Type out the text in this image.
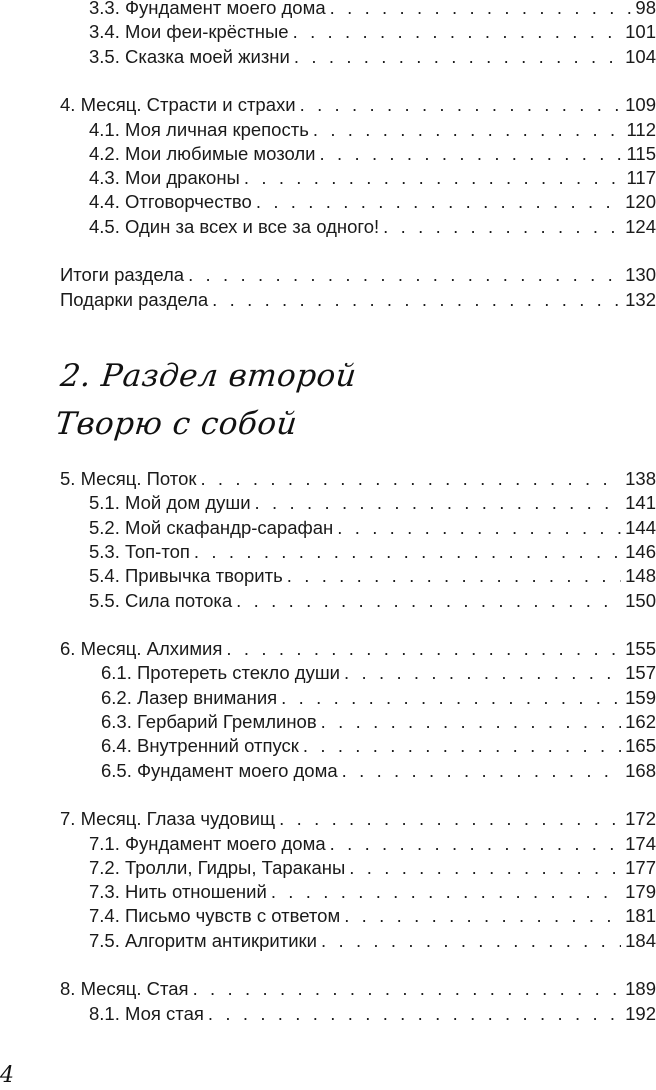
3.3. Фундамент моего дома . . .	98
3.4. Мои феи-крёстные . . .	101
3.5. Сказка моей жизни . . .	104
4. Месяц. Страсти и страхи . . .	109
4.1. Моя личная крепость . . .	112
4.2. Мои любимые мозоли . . .	115
4.3. Мои драконы . . .	117
4.4. Отговорчество . . .	120
4.5. Один за всех и все за одного! . . .	124
Итоги раздела . . .	130
Подарки раздела . . .	132
2. Раздел второй
Творю с собой
5. Месяц. Поток . . .	138
5.1. Мой дом души . . .	141
5.2. Мой скафандр-сарафан . . .	144
5.3. Топ-топ . . .	146
5.4. Привычка творить . . .	148
5.5. Сила потока . . .	150
6. Месяц. Алхимия . . .	155
6.1. Протереть стекло души . . .	157
6.2. Лазер внимания . . .	159
6.3. Гербарий Гремлинов . . .	162
6.4. Внутренний отпуск . . .	165
6.5. Фундамент моего дома . . .	168
7. Месяц. Глаза чудовищ . . .	172
7.1. Фундамент моего дома . . .	174
7.2. Тролли, Гидры, Тараканы . . .	177
7.3. Нить отношений . . .	179
7.4. Письмо чувств с ответом . . .	181
7.5. Алгоритм антикритики . . .	184
8. Месяц. Стая . . .	189
8.1. Моя стая . . .	192
4
